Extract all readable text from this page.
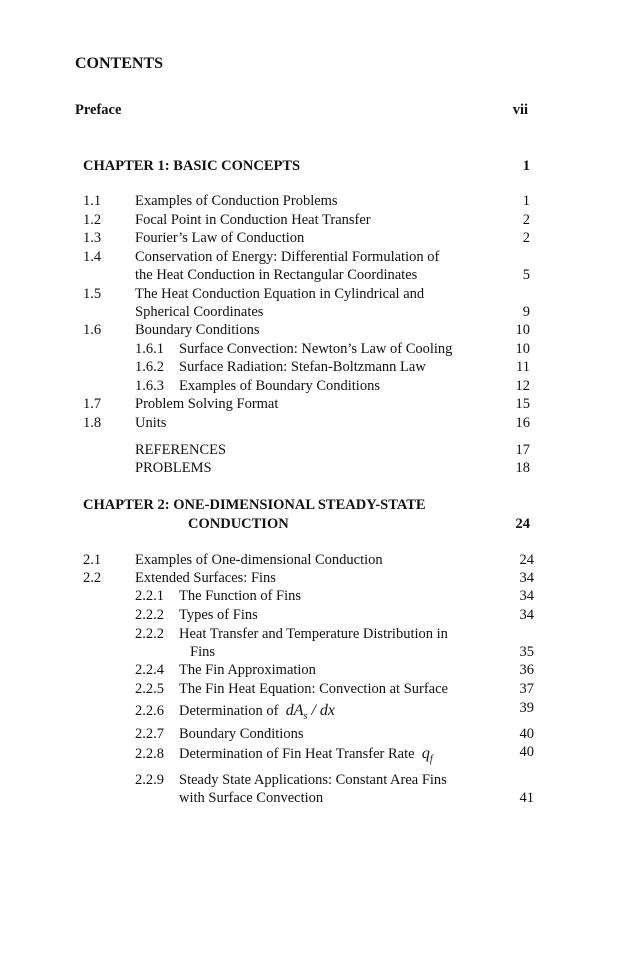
CONTENTS
Preface	vii
CHAPTER 1: BASIC CONCEPTS	1
1.1 Examples of Conduction Problems	1
1.2 Focal Point in Conduction Heat Transfer	2
1.3 Fourier’s Law of Conduction	2
1.4 Conservation of Energy: Differential Formulation of
the Heat Conduction in Rectangular Coordinates	5
1.5 The Heat Conduction Equation in Cylindrical and
Spherical Coordinates	9
1.6 Boundary Conditions	10
1.6.1 Surface Convection: Newton’s Law of Cooling	10
1.6.2 Surface Radiation: Stefan-Boltzmann Law	11
1.6.3 Examples of Boundary Conditions	12
1.7 Problem Solving Format	15
1.8 Units	16
REFERENCES	17
PROBLEMS	18
CHAPTER 2: ONE-DIMENSIONAL STEADY-STATE
CONDUCTION	24
2.1 Examples of One-dimensional Conduction	24
2.2 Extended Surfaces: Fins	34
2.2.1 The Function of Fins	34
2.2.2 Types of Fins	34
2.2.2 Heat Transfer and Temperature Distribution in
Fins	35
2.2.4 The Fin Approximation	36
2.2.5 The Fin Heat Equation: Convection at Surface	37
2.2.6 Determination of $dA_s$ / dx	39
2.2.7 Boundary Conditions	40
2.2.8 Determination of Fin Heat Transfer Rate $q_f$	40
2.2.9 Steady State Applications: Constant Area Fins
with Surface Convection	41
